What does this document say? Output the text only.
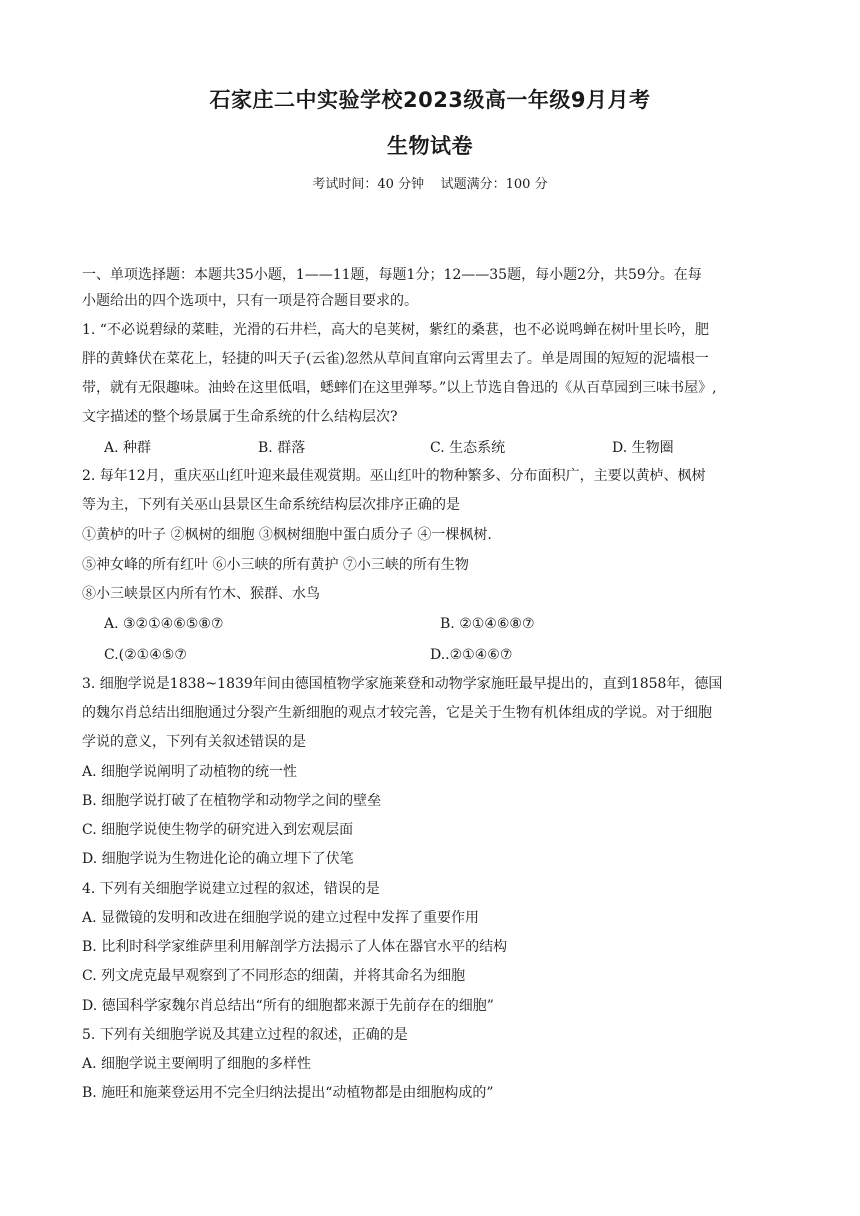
石家庄二中实验学校2023级高一年级9月月考
生物试卷
考试时间：40 分钟 试题满分：100 分
一、单项选择题：本题共35小题，1——11题，每题1分；12——35题，每小题2分，共59分。在每
小题给出的四个选项中，只有一项是符合题目要求的。
1. “不必说碧绿的菜畦，光滑的石井栏，高大的皂荚树，紫红的桑葚，也不必说鸣蝉在树叶里长吟，肥
胖的黄蜂伏在菜花上，轻捷的叫天子(云雀)忽然从草间直窜向云霄里去了。单是周围的短短的泥墙根一
带，就有无限趣味。油蛉在这里低唱，蟋蟀们在这里弹琴。”以上节选自鲁迅的《从百草园到三味书屋》,
文字描述的整个场景属于生命系统的什么结构层次?
A. 种群	B. 群落	C. 生态系统	D. 生物圈
2. 每年12月，重庆巫山红叶迎来最佳观赏期。巫山红叶的物种繁多、分布面积广，主要以黄栌、枫树
等为主，下列有关巫山县景区生命系统结构层次排序正确的是
①黄栌的叶子 ②枫树的细胞 ③枫树细胞中蛋白质分子 ④一棵枫树.
⑤神女峰的所有红叶 ⑥小三峡的所有黄护 ⑦小三峡的所有生物
⑧小三峡景区内所有竹木、猴群、水鸟
A. ③②①④⑥⑤⑧⑦	B. ②①④⑥⑧⑦
C.(②①④⑤⑦	D..②①④⑥⑦
3. 细胞学说是1838~1839年间由德国植物学家施莱登和动物学家施旺最早提出的，直到1858年，德国
的魏尔肖总结出细胞通过分裂产生新细胞的观点才较完善，它是关于生物有机体组成的学说。对于细胞
学说的意义，下列有关叙述错误的是
A. 细胞学说阐明了动植物的统一性
B. 细胞学说打破了在植物学和动物学之间的壁垒
C. 细胞学说使生物学的研究进入到宏观层面
D. 细胞学说为生物进化论的确立埋下了伏笔
4. 下列有关细胞学说建立过程的叙述，错误的是
A. 显微镜的发明和改进在细胞学说的建立过程中发挥了重要作用
B. 比利时科学家维萨里利用解剖学方法揭示了人体在器官水平的结构
C. 列文虎克最早观察到了不同形态的细菌，并将其命名为细胞
D. 德国科学家魏尔肖总结出“所有的细胞都来源于先前存在的细胞”
5. 下列有关细胞学说及其建立过程的叙述，正确的是
A. 细胞学说主要阐明了细胞的多样性
B. 施旺和施莱登运用不完全归纳法提出“动植物都是由细胞构成的”
